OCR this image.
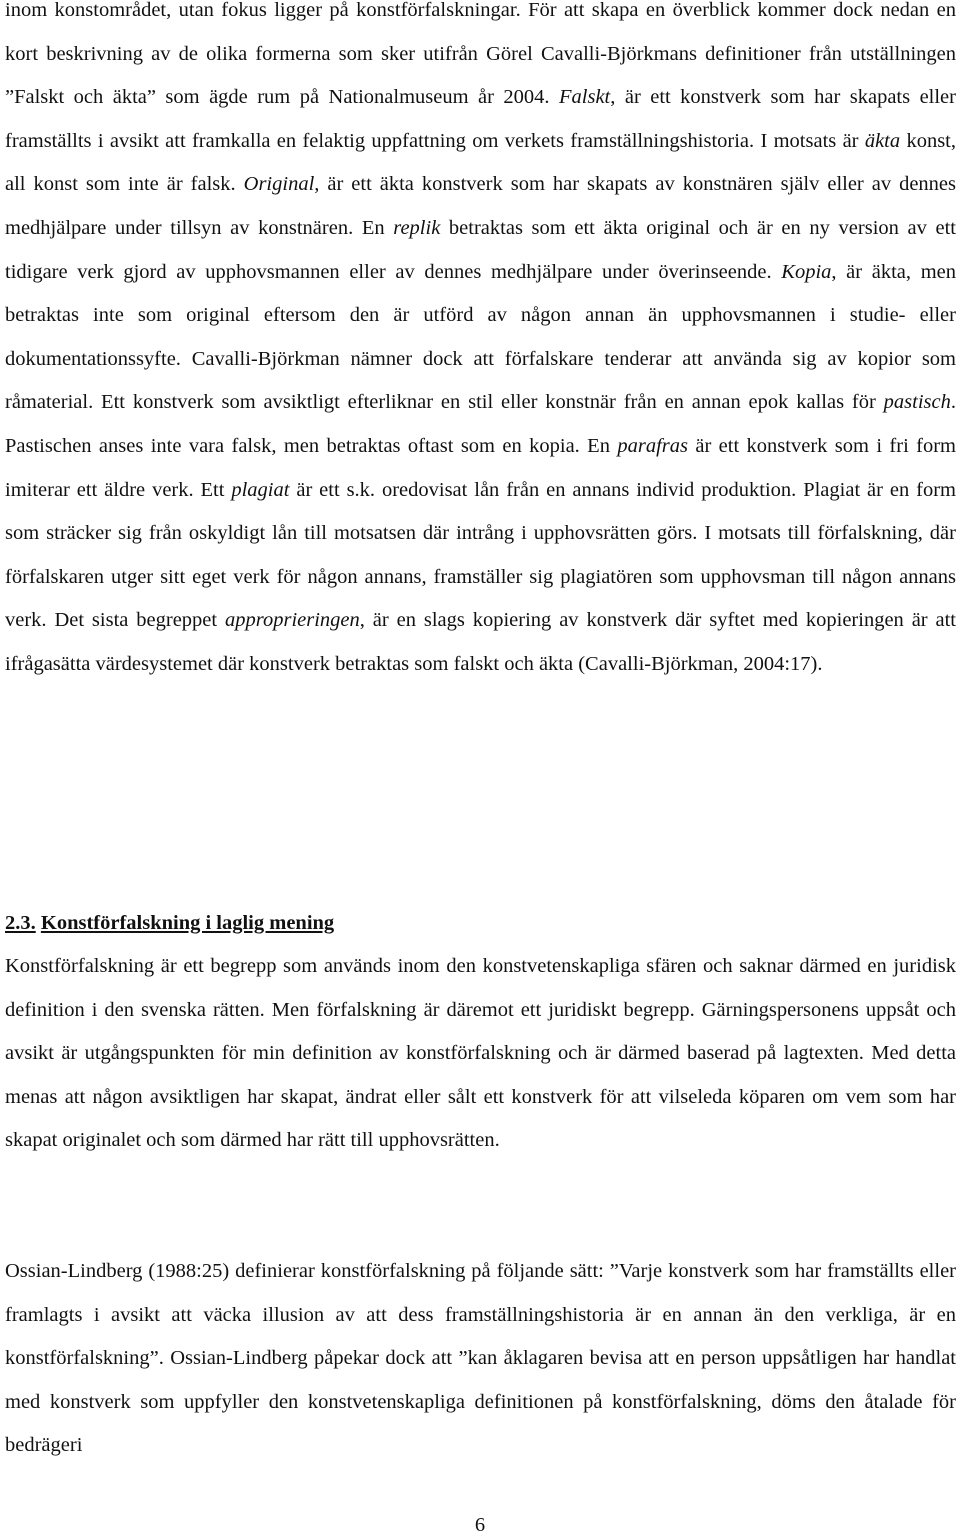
inom konstområdet, utan fokus ligger på konstförfalskningar. För att skapa en överblick kommer dock nedan en kort beskrivning av de olika formerna som sker utifrån Görel Cavalli-Björkmans definitioner från utställningen ”Falskt och äkta” som ägde rum på Nationalmuseum år 2004. Falskt, är ett konstverk som har skapats eller framställts i avsikt att framkalla en felaktig uppfattning om verkets framställningshistoria. I motsats är äkta konst, all konst som inte är falsk. Original, är ett äkta konstverk som har skapats av konstnären själv eller av dennes medhjälpare under tillsyn av konstnären. En replik betraktas som ett äkta original och är en ny version av ett tidigare verk gjord av upphovsmannen eller av dennes medhjälpare under överinseende. Kopia, är äkta, men betraktas inte som original eftersom den är utförd av någon annan än upphovsmannen i studie- eller dokumentationssyfte. Cavalli-Björkman nämner dock att förfalskare tenderar att använda sig av kopior som råmaterial. Ett konstverk som avsiktligt efterliknar en stil eller konstnär från en annan epok kallas för pastisch. Pastischen anses inte vara falsk, men betraktas oftast som en kopia. En parafras är ett konstverk som i fri form imiterar ett äldre verk. Ett plagiat är ett s.k. oredovisat lån från en annans individ produktion. Plagiat är en form som sträcker sig från oskyldigt lån till motsatsen där intrång i upphovsrätten görs. I motsats till förfalskning, där förfalskaren utger sitt eget verk för någon annans, framställer sig plagiatören som upphovsman till någon annans verk. Det sista begreppet approprieringen, är en slags kopiering av konstverk där syftet med kopieringen är att ifrågasätta värdesystemet där konstverk betraktas som falskt och äkta (Cavalli-Björkman, 2004:17).

2.3. Konstförfalskning i laglig mening

Konstförfalskning är ett begrepp som används inom den konstvetenskapliga sfären och saknar därmed en juridisk definition i den svenska rätten. Men förfalskning är däremot ett juridiskt begrepp. Gärningspersonens uppsåt och avsikt är utgångspunkten för min definition av konstförfalskning och är därmed baserad på lagtexten. Med detta menas att någon avsiktligen har skapat, ändrat eller sålt ett konstverk för att vilseleda köparen om vem som har skapat originalet och som därmed har rätt till upphovsrätten.

Ossian-Lindberg (1988:25) definierar konstförfalskning på följande sätt: ”Varje konstverk som har framställts eller framlagts i avsikt att väcka illusion av att dess framställningshistoria är en annan än den verkliga, är en konstförfalskning”. Ossian-Lindberg påpekar dock att ”kan åklagaren bevisa att en person uppsåtligen har handlat med konstverk som uppfyller den konstvetenskapliga definitionen på konstförfalskning, döms den åtalade för bedrägeri

6
